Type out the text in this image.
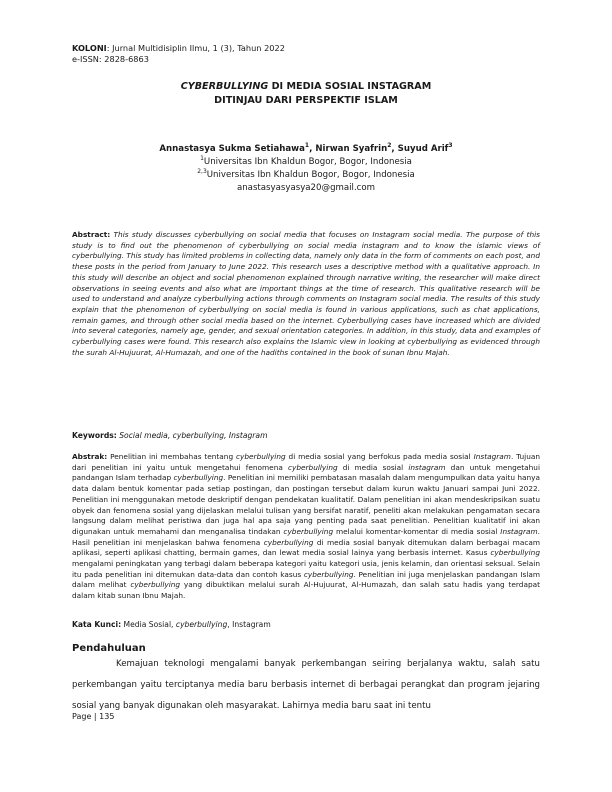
KOLONI: Jurnal Multidisiplin Ilmu, 1 (3), Tahun 2022
e-ISSN: 2828-6863
CYBERBULLYING DI MEDIA SOSIAL INSTAGRAM
DITINJAU DARI PERSPEKTIF ISLAM
Annastasya Sukma Setiahawa$^1$, Nirwan Syafrin$^2$, Suyud Arif$^3$
$^1$Universitas Ibn Khaldun Bogor, Bogor, Indonesia
$^{2,3}$Universitas Ibn Khaldun Bogor, Bogor, Indonesia
anastasyasyasya20@gmail.com
Abstract: This study discusses cyberbullying on social media that focuses on Instagram social media. The purpose of this study is to find out the phenomenon of cyberbullying on social media instagram and to know the islamic views of cyberbullying. This study has limited problems in collecting data, namely only data in the form of comments on each post, and these posts in the period from January to June 2022. This research uses a descriptive method with a qualitative approach. In this study will describe an object and social phenomenon explained through narrative writing, the researcher will make direct observations in seeing events and also what are important things at the time of research. This qualitative research will be used to understand and analyze cyberbullying actions through comments on Instagram social media. The results of this study explain that the phenomenon of cyberbullying on social media is found in various applications, such as chat applications, remain games, and through other social media based on the internet. Cyberbullying cases have increased which are divided into several categories, namely age, gender, and sexual orientation categories. In addition, in this study, data and examples of cyberbullying cases were found. This research also explains the Islamic view in looking at cyberbullying as evidenced through the surah Al-Hujuurat, Al-Humazah, and one of the hadiths contained in the book of sunan Ibnu Majah.
Keywords: Social media, cyberbullying, Instagram
Abstrak: Penelitian ini membahas tentang cyberbullying di media sosial yang berfokus pada media sosial Instagram. Tujuan dari penelitian ini yaitu untuk mengetahui fenomena cyberbullying di media sosial instagram dan untuk mengetahui pandangan Islam terhadap cyberbullying. Penelitian ini memiliki pembatasan masalah dalam mengumpulkan data yaitu hanya data dalam bentuk komentar pada setiap postingan, dan postingan tersebut dalam kurun waktu Januari sampai Juni 2022. Penelitian ini menggunakan metode deskriptif dengan pendekatan kualitatif. Dalam penelitian ini akan mendeskripsikan suatu obyek dan fenomena sosial yang dijelaskan melalui tulisan yang bersifat naratif, peneliti akan melakukan pengamatan secara langsung dalam melihat peristiwa dan juga hal apa saja yang penting pada saat penelitian. Penelitian kualitatif ini akan digunakan untuk memahami dan menganalisa tindakan cyberbullying melalui komentar-komentar di media sosial Instagram. Hasil penelitian ini menjelaskan bahwa fenomena cyberbullying di media sosial banyak ditemukan dalam berbagai macam aplikasi, seperti aplikasi chatting, bermain games, dan lewat media sosial lainya yang berbasis internet. Kasus cyberbullying mengalami peningkatan yang terbagi dalam beberapa kategori yaitu kategori usia, jenis kelamin, dan orientasi seksual. Selain itu pada penelitian ini ditemukan data-data dan contoh kasus cyberbullying. Penelitian ini juga menjelaskan pandangan Islam dalam melihat cyberbullying yang dibuktikan melalui surah Al-Hujuurat, Al-Humazah, dan salah satu hadis yang terdapat dalam kitab sunan Ibnu Majah.
Kata Kunci: Media Sosial, cyberbullying, Instagram
Pendahuluan
Kemajuan teknologi mengalami banyak perkembangan seiring berjalanya waktu, salah satu perkembangan yaitu terciptanya media baru berbasis internet di berbagai perangkat dan program jejaring sosial yang banyak digunakan oleh masyarakat. Lahirnya media baru saat ini tentu
Page | 135
